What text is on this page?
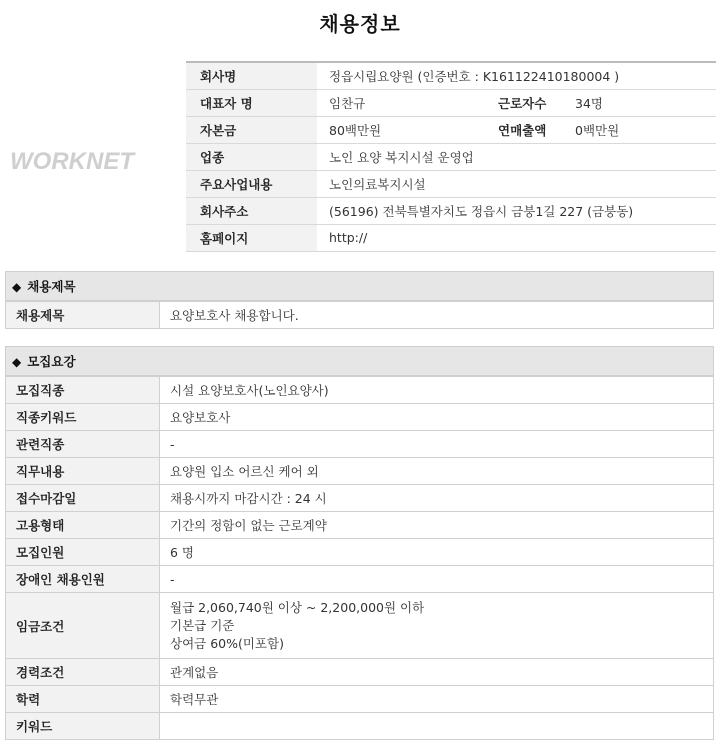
채용정보
WORKNET
회사명	정읍시립요양원 (인증번호 : K161122410180004 )		
대표자 명	임찬규	근로자수	34명
자본금	80백만원	연매출액	0백만원
업종	노인 요양 복지시설 운영업		
주요사업내용	노인의료복지시설		
회사주소	(56196) 전북특별자치도 정읍시 금붕1길 227 (금붕동)		
홈페이지	http://		
◆ 채용제목
채용제목	요양보호사 채용합니다.
◆ 모집요강
모집직종	시설 요양보호사(노인요양사)
직종키워드	요양보호사
관련직종	-
직무내용	요양원 입소 어르신 케어 외
접수마감일	채용시까지 마감시간 : 24 시
고용형태	기간의 정함이 없는 근로계약
모집인원	6 명
장애인 채용인원	-
임금조건	월급 2,060,740원 이상 ~ 2,200,000원 이하
기본급 기준
상여금 60%(미포함)

경력조건	관계없음
학력	학력무관
키워드	
